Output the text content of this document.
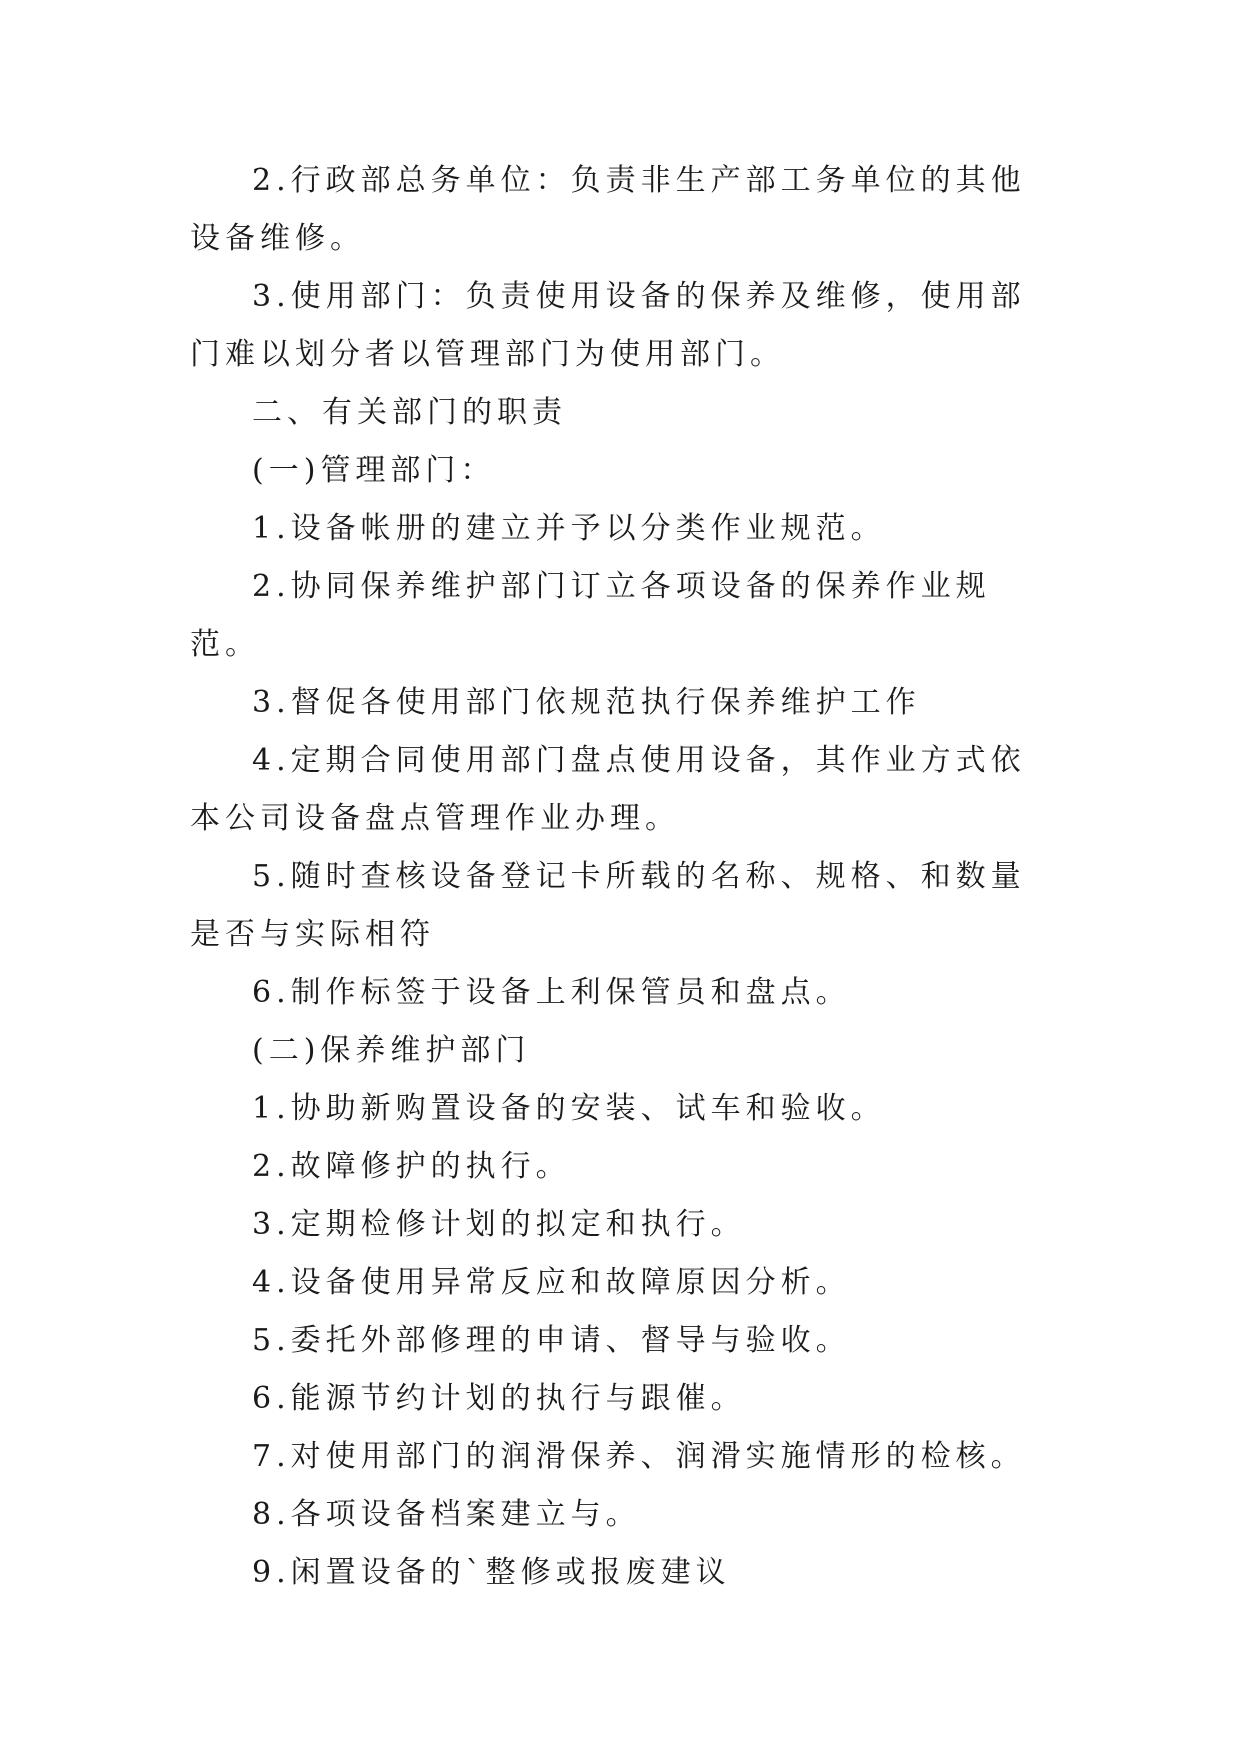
2.行政部总务单位：负责非生产部工务单位的其他设备维修。

3.使用部门：负责使用设备的保养及维修，使用部门难以划分者以管理部门为使用部门。

二、有关部门的职责

(一)管理部门：

1.设备帐册的建立并予以分类作业规范。

2.协同保养维护部门订立各项设备的保养作业规范。

3.督促各使用部门依规范执行保养维护工作

4.定期合同使用部门盘点使用设备，其作业方式依本公司设备盘点管理作业办理。

5.随时查核设备登记卡所载的名称、规格、和数量是否与实际相符

6.制作标签于设备上利保管员和盘点。

(二)保养维护部门

1.协助新购置设备的安装、试车和验收。

2.故障修护的执行。

3.定期检修计划的拟定和执行。

4.设备使用异常反应和故障原因分析。

5.委托外部修理的申请、督导与验收。

6.能源节约计划的执行与跟催。

7.对使用部门的润滑保养、润滑实施情形的检核。

8.各项设备档案建立与。

9.闲置设备的`整修或报废建议
